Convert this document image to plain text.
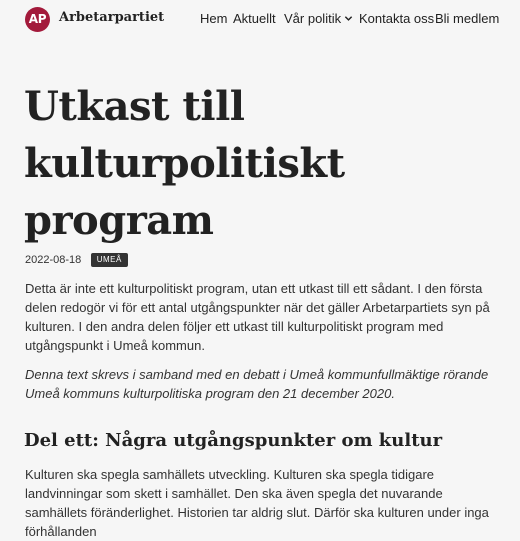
AP Arbetarpartiet	Hem Aktuellt Vår politik	Kontakta oss Bli medlem
Utkast till kulturpolitiskt program
2022-08-18 UMEÅ

Detta är inte ett kulturpolitiskt program, utan ett utkast till ett sådant. I den första delen redogör vi för ett antal utgångspunkter när det gäller Arbetarpartiets syn på kulturen. I den andra delen följer ett utkast till kulturpolitiskt program med utgångspunkt i Umeå kommun.

Denna text skrevs i samband med en debatt i Umeå kommunfullmäktige rörande Umeå kommuns kulturpolitiska program den 21 december 2020.

Del ett: Några utgångspunkter om kultur

Kulturen ska spegla samhällets utveckling. Kulturen ska spegla tidigare landvinningar som skett i samhället. Den ska även spegla det nuvarande samhällets föränderlighet. Historien tar aldrig slut. Därför ska kulturen under inga förhållanden
